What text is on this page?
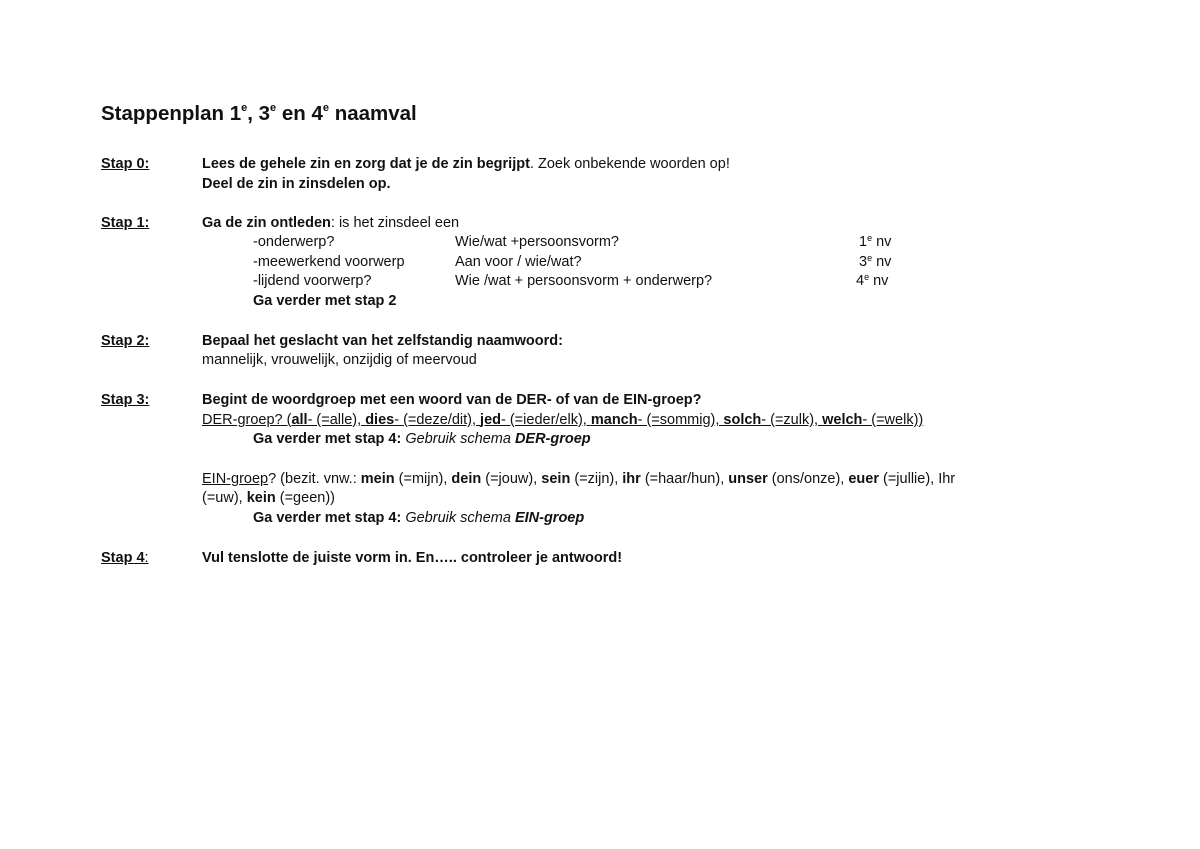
Stappenplan 1e, 3e en 4e naamval
Stap 0:	Lees de gehele zin en zorg dat je de zin begrijpt. Zoek onbekende woorden op!
Deel de zin in zinsdelen op.
Stap 1:	Ga de zin ontleden: is het zinsdeel een
-onderwerp?	Wie/wat +persoonsvorm?	1e nv
-meewerkend voorwerp	Aan voor / wie/wat?	3e nv
-lijdend voorwerp?	Wie /wat + persoonsvorm + onderwerp?	4e nv
Ga verder met stap 2
Stap 2:	Bepaal het geslacht van het zelfstandig naamwoord:
mannelijk, vrouwelijk, onzijdig of meervoud
Stap 3:	Begint de woordgroep met een woord van de DER- of van de EIN-groep?
DER-groep? (all- (=alle), dies- (=deze/dit), jed- (=ieder/elk), manch- (=sommig), solch- (=zulk), welch- (=welk))
Ga verder met stap 4: Gebruik schema DER-groep
EIN-groep? (bezit. vnw.: mein (=mijn), dein (=jouw), sein (=zijn), ihr (=haar/hun), unser (ons/onze), euer (=jullie), Ihr
(=uw), kein (=geen))
Ga verder met stap 4: Gebruik schema EIN-groep
Stap 4:	Vul tenslotte de juiste vorm in. En….. controleer je antwoord!
